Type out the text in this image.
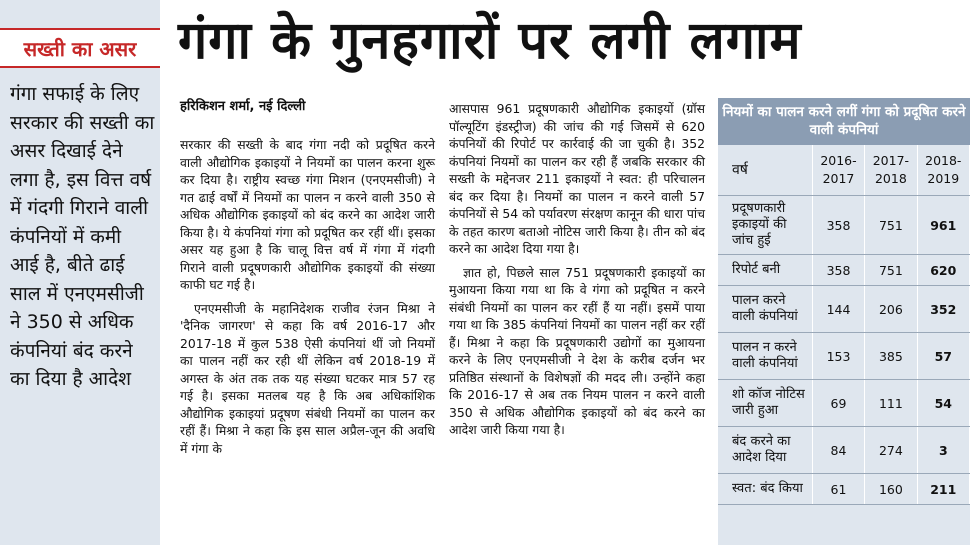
सख्ती का असर
गंगा सफाई के लिए सरकार की सख्ती का असर दिखाई देने लगा है, इस वित्त वर्ष में गंदगी गिराने वाली कंपनियों में कमी आई है, बीते ढाई साल में एनएमसीजी ने 350 से अधिक कंपनियां बंद करने का दिया है आदेश
गंगा के गुनहगारों पर लगी लगाम
हरिकिशन शर्मा, नई दिल्ली

सरकार की सख्ती के बाद गंगा नदी को प्रदूषित करने वाली औद्योगिक इकाइयों ने नियमों का पालन करना शुरू कर दिया है। राष्ट्रीय स्वच्छ गंगा मिशन (एनएमसीजी) ने गत ढाई वर्षों में नियमों का पालन न करने वाली 350 से अधिक औद्योगिक इकाइयों को बंद करने का आदेश जारी किया है। ये कंपनियां गंगा को प्रदूषित कर रहीं थीं। इसका असर यह हुआ है कि चालू वित्त वर्ष में गंगा में गंदगी गिराने वाली प्रदूषणकारी औद्योगिक इकाइयों की संख्या काफी घट गई है।

एनएमसीजी के महानिदेशक राजीव रंजन मिश्रा ने 'दैनिक जागरण' से कहा कि वर्ष 2016-17 और 2017-18 में कुल 538 ऐसी कंपनियां थीं जो नियमों का पालन नहीं कर रही थीं लेकिन वर्ष 2018-19 में अगस्त के अंत तक तक यह संख्या घटकर मात्र 57 रह गई है। इसका मतलब यह है कि अब अधिकांशिक औद्योगिक इकाइयां प्रदूषण संबंधी नियमों का पालन कर रहीं हैं। मिश्रा ने कहा कि इस साल अप्रैल-जून की अवधि में गंगा के

आसपास 961 प्रदूषणकारी औद्योगिक इकाइयों (ग्रॉस पॉल्यूटिंग इंडस्ट्रीज) की जांच की गई जिसमें से 620 कंपनियों की रिपोर्ट पर कार्रवाई की जा चुकी है। 352 कंपनियां नियमों का पालन कर रही हैं जबकि सरकार की सख्ती के मद्देनजर 211 इकाइयों ने स्वत: ही परिचालन बंद कर दिया है। नियमों का पालन न करने वाली 57 कंपनियों से 54 को पर्यावरण संरक्षण कानून की धारा पांच के तहत कारण बताओ नोटिस जारी किया है। तीन को बंद करने का आदेश दिया गया है।

ज्ञात हो, पिछले साल 751 प्रदूषणकारी इकाइयों का मुआयना किया गया था कि वे गंगा को प्रदूषित न करने संबंधी नियमों का पालन कर रहीं हैं या नहीं। इसमें पाया गया था कि 385 कंपनियां नियमों का पालन नहीं कर रहीं हैं। मिश्रा ने कहा कि प्रदूषणकारी उद्योगों का मुआयना करने के लिए एनएमसीजी ने देश के करीब दर्जन भर प्रतिष्ठित संस्थानों के विशेषज्ञों की मदद ली। उन्होंने कहा कि 2016-17 से अब तक नियम पालन न करने वाली 350 से अधिक औद्योगिक इकाइयों को बंद करने का आदेश जारी किया गया है।

नियमों का पालन करने लगीं गंगा को प्रदूषित करने वाली कंपनियां
वर्ष	2016-2017	2017-2018	2018-2019
प्रदूषणकारी इकाइयों की जांच हुई	358	751	961
रिपोर्ट बनी	358	751	620
पालन करने वाली कंपनियां	144	206	352
पालन न करने वाली कंपनियां	153	385	57
शो कॉज नोटिस जारी हुआ	69	111	54
बंद करने का आदेश दिया	84	274	3
स्वत: बंद किया	61	160	211
